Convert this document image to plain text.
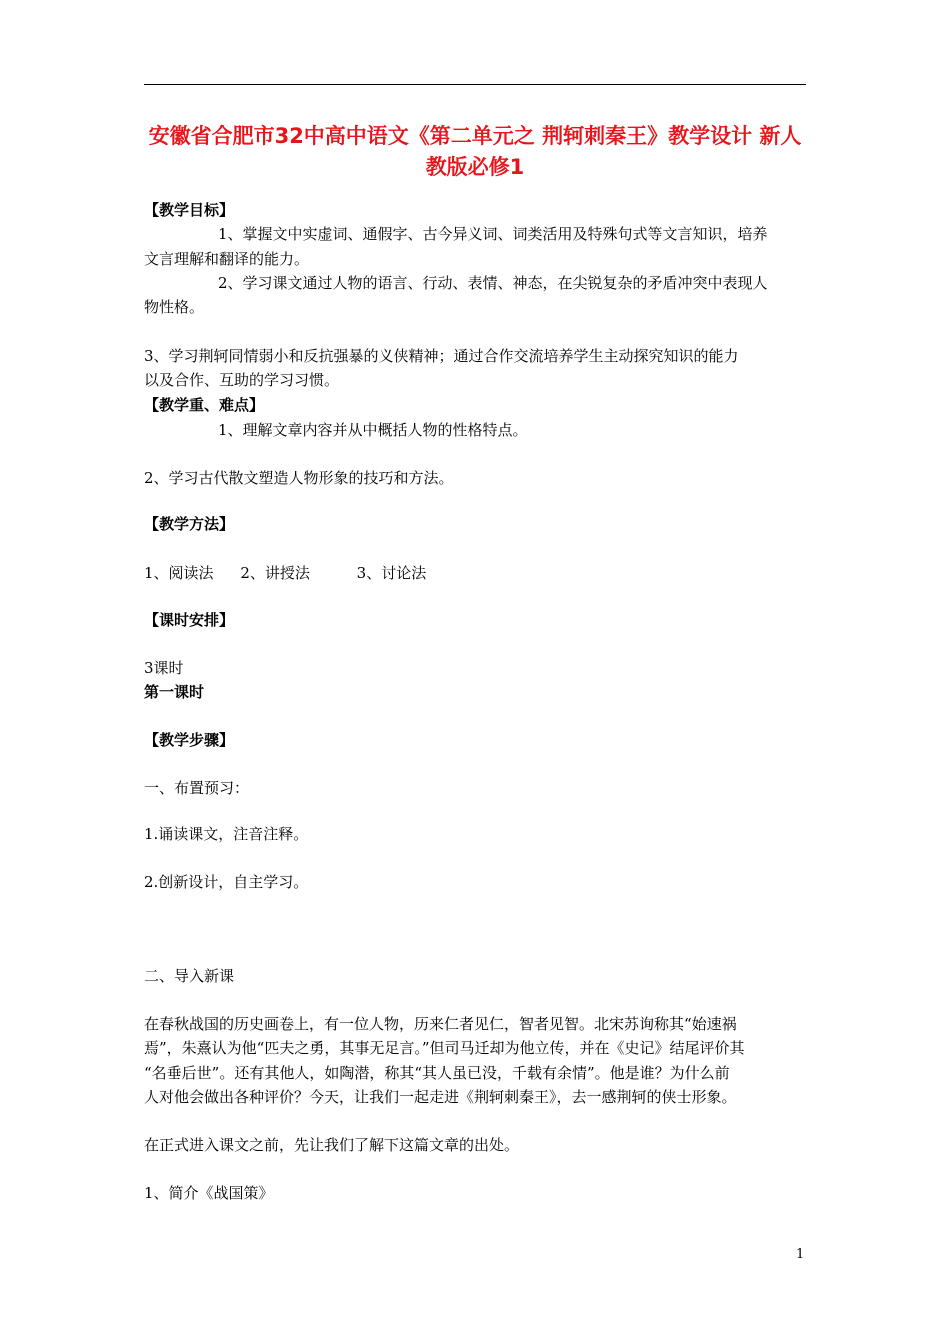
安徽省合肥市32中高中语文《第二单元之 荆轲刺秦王》教学设计 新人教版必修1
【教学目标】
1、掌握文中实虚词、通假字、古今异义词、词类活用及特殊句式等文言知识，培养
文言理解和翻译的能力。
2、学习课文通过人物的语言、行动、表情、神态，在尖锐复杂的矛盾冲突中表现人
物性格。
3、学习荆轲同情弱小和反抗强暴的义侠精神；通过合作交流培养学生主动探究知识的能力
以及合作、互助的学习习惯。
【教学重、难点】
1、理解文章内容并从中概括人物的性格特点。
2、学习古代散文塑造人物形象的技巧和方法。
【教学方法】
1、阅读法 2、讲授法	3、讨论法
【课时安排】
3课时
第一课时
【教学步骤】
一、布置预习：
1.诵读课文，注音注释。
2.创新设计，自主学习。
二、导入新课
在春秋战国的历史画卷上，有一位人物，历来仁者见仁，智者见智。北宋苏询称其“始速祸
焉”，朱熹认为他“匹夫之勇，其事无足言。”但司马迁却为他立传，并在《史记》结尾评价其
“名垂后世”。还有其他人，如陶潜，称其“其人虽已没，千载有余情”。他是谁？为什么前
人对他会做出各种评价？今天，让我们一起走进《荆轲刺秦王》，去一感荆轲的侠士形象。
在正式进入课文之前，先让我们了解下这篇文章的出处。
1、简介《战国策》
1
